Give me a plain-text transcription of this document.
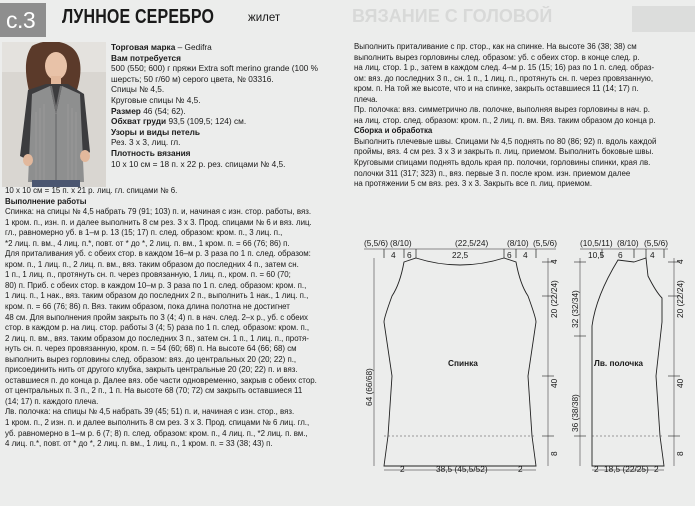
с.3	ЛУННОЕ СЕРЕБРО	жилет	ВЯЗАНИЕ С ГОЛОВОЙ
Торговая марка – Gedifra
Вам потребуется
500 (550; 600) г пряжи Extra soft merino grande (100 % шерсть; 50 г/60 м) серого цвета, № 03316.
Спицы № 4,5.
Круговые спицы № 4,5.
Размер 46 (54; 62).
Обхват груди 93,5 (109,5; 124) см.
Узоры и виды петель
Рез. 3 х 3, лиц. гл.
Плотность вязания
10 х 10 см = 18 п. х 22 р. рез. спицами № 4,5.
10 х 10 см = 15 п. х 21 р. лиц. гл. спицами № 6.
Выполнение работы
Спинка: на спицы № 4,5 набрать 79 (91; 103) п. и, начиная с изн. стор. работы, вяз.
1 кром. п., изн. п. и далее выполнить 8 см рез. 3 х 3. Прод. спицами № 6 и вяз. лиц.
гл., равномерно уб. в 1–м р. 13 (15; 17) п. след. образом: кром. п., 3 лиц. п.,
*2 лиц. п. вм., 4 лиц. п.*, повт. от * до *, 2 лиц. п. вм., 1 кром. п. = 66 (76; 86) п.
Для приталивания уб. с обеих стор. в каждом 16–м р. 3 раза по 1 п. след. образом:
кром. п., 1 лиц. п., 2 лиц. п. вм., вяз. таким образом до последних 4 п., затем сн.
1 п., 1 лиц. п., протянуть сн. п. через провязанную, 1 лиц. п., кром. п. = 60 (70;
80) п. Приб. с обеих стор. в каждом 10–м р. 3 раза по 1 п. след. образом: кром. п.,
1 лиц. п., 1 нак., вяз. таким образом до последних 2 п., выполнить 1 нак., 1 лиц. п.,
кром. п. = 66 (76; 86) п. Вяз. таким образом, пока длина полотна не достигнет
48 см. Для выполнения пройм закрыть по 3 (4; 4) п. в нач. след. 2–х р., уб. с обеих
стор. в каждом р. на лиц. стор. работы 3 (4; 5) раза по 1 п. след. образом: кром. п.,
2 лиц. п. вм., вяз. таким образом до последних 3 п., затем сн. 1 п., 1 лиц. п., протя-
нуть сн. п. через провязанную, кром. п. = 54 (60; 68) п. На высоте 64 (66; 68) см
выполнить вырез горловины след. образом: вяз. до центральных 20 (20; 22) п.,
присоединить нить от другого клубка, закрыть центральные 20 (20; 22) п. и вяз.
оставшиеся п. до конца р. Далее вяз. обе части одновременно, закрыв с обеих стор.
от центральных п. 3 п., 2 п., 1 п. На высоте 68 (70; 72) см закрыть оставшиеся 11
(14; 17) п. каждого плеча.
Лв. полочка: на спицы № 4,5 набрать 39 (45; 51) п. и, начиная с изн. стор., вяз.
1 кром. п., 2 изн. п. и далее выполнить 8 см рез. 3 х 3. Прод. спицами № 6 лиц. гл.,
уб. равномерно в 1–м р. 6 (7; 8) п. след. образом: кром. п., 4 лиц. п., *2 лиц. п. вм.,
4 лиц. п.*, повт. от * до *, 2 лиц. п. вм., 1 лиц. п., 1 кром. п. = 33 (38; 43) п.
Выполнить приталивание с пр. стор., как на спинке. На высоте 36 (38; 38) см
выполнить вырез горловины след. образом: уб. с обеих стор. в конце след. р.
на лиц. стор. 1 р., затем в каждом след. 4–м р. 15 (15; 16) раз по 1 п. след. образ-
ом: вяз. до последних 3 п., сн. 1 п., 1 лиц. п., протянуть сн. п. через провязанную,
кром. п. На той же высоте, что и на спинке, закрыть оставшиеся 11 (14; 17) п.
плеча.
Пр. полочка: вяз. симметрично лв. полочке, выполняя вырез горловины в нач. р.
на лиц. стор. след. образом: кром. п., 2 лиц. п. вм. Вяз. таким образом до конца р.
Сборка и обработка
Выполнить плечевые швы. Спицами № 4,5 поднять по 80 (86; 92) п. вдоль каждой
проймы, вяз. 4 см рез. 3 х 3 и закрыть п. лиц. приемом. Выполнить боковые швы.
Круговыми спицами поднять вдоль края пр. полочки, горловины спинки, края лв.
полочки 311 (317; 323) п., вяз. первые 3 п. после кром. изн. приемом далее
на протяжении 5 см вяз. рез. 3 х 3. Закрыть все п. лиц. приемом.
(5,5/6) (8/10)	(22,5/24) (8/10) (5,5/6)
4 6	22,5	6 4
Спинка
64 (66/68)
4
20 (22/24)
40
8
2	2
38,5 (45,5/52)
(10,5/11) (8/10) (5,5/6)
10,5 6	4
Лв. полочка
32 (32/34)
36 (38/38)
4
20 (22/24)
40
8
2	2
18,5 (22/25)
